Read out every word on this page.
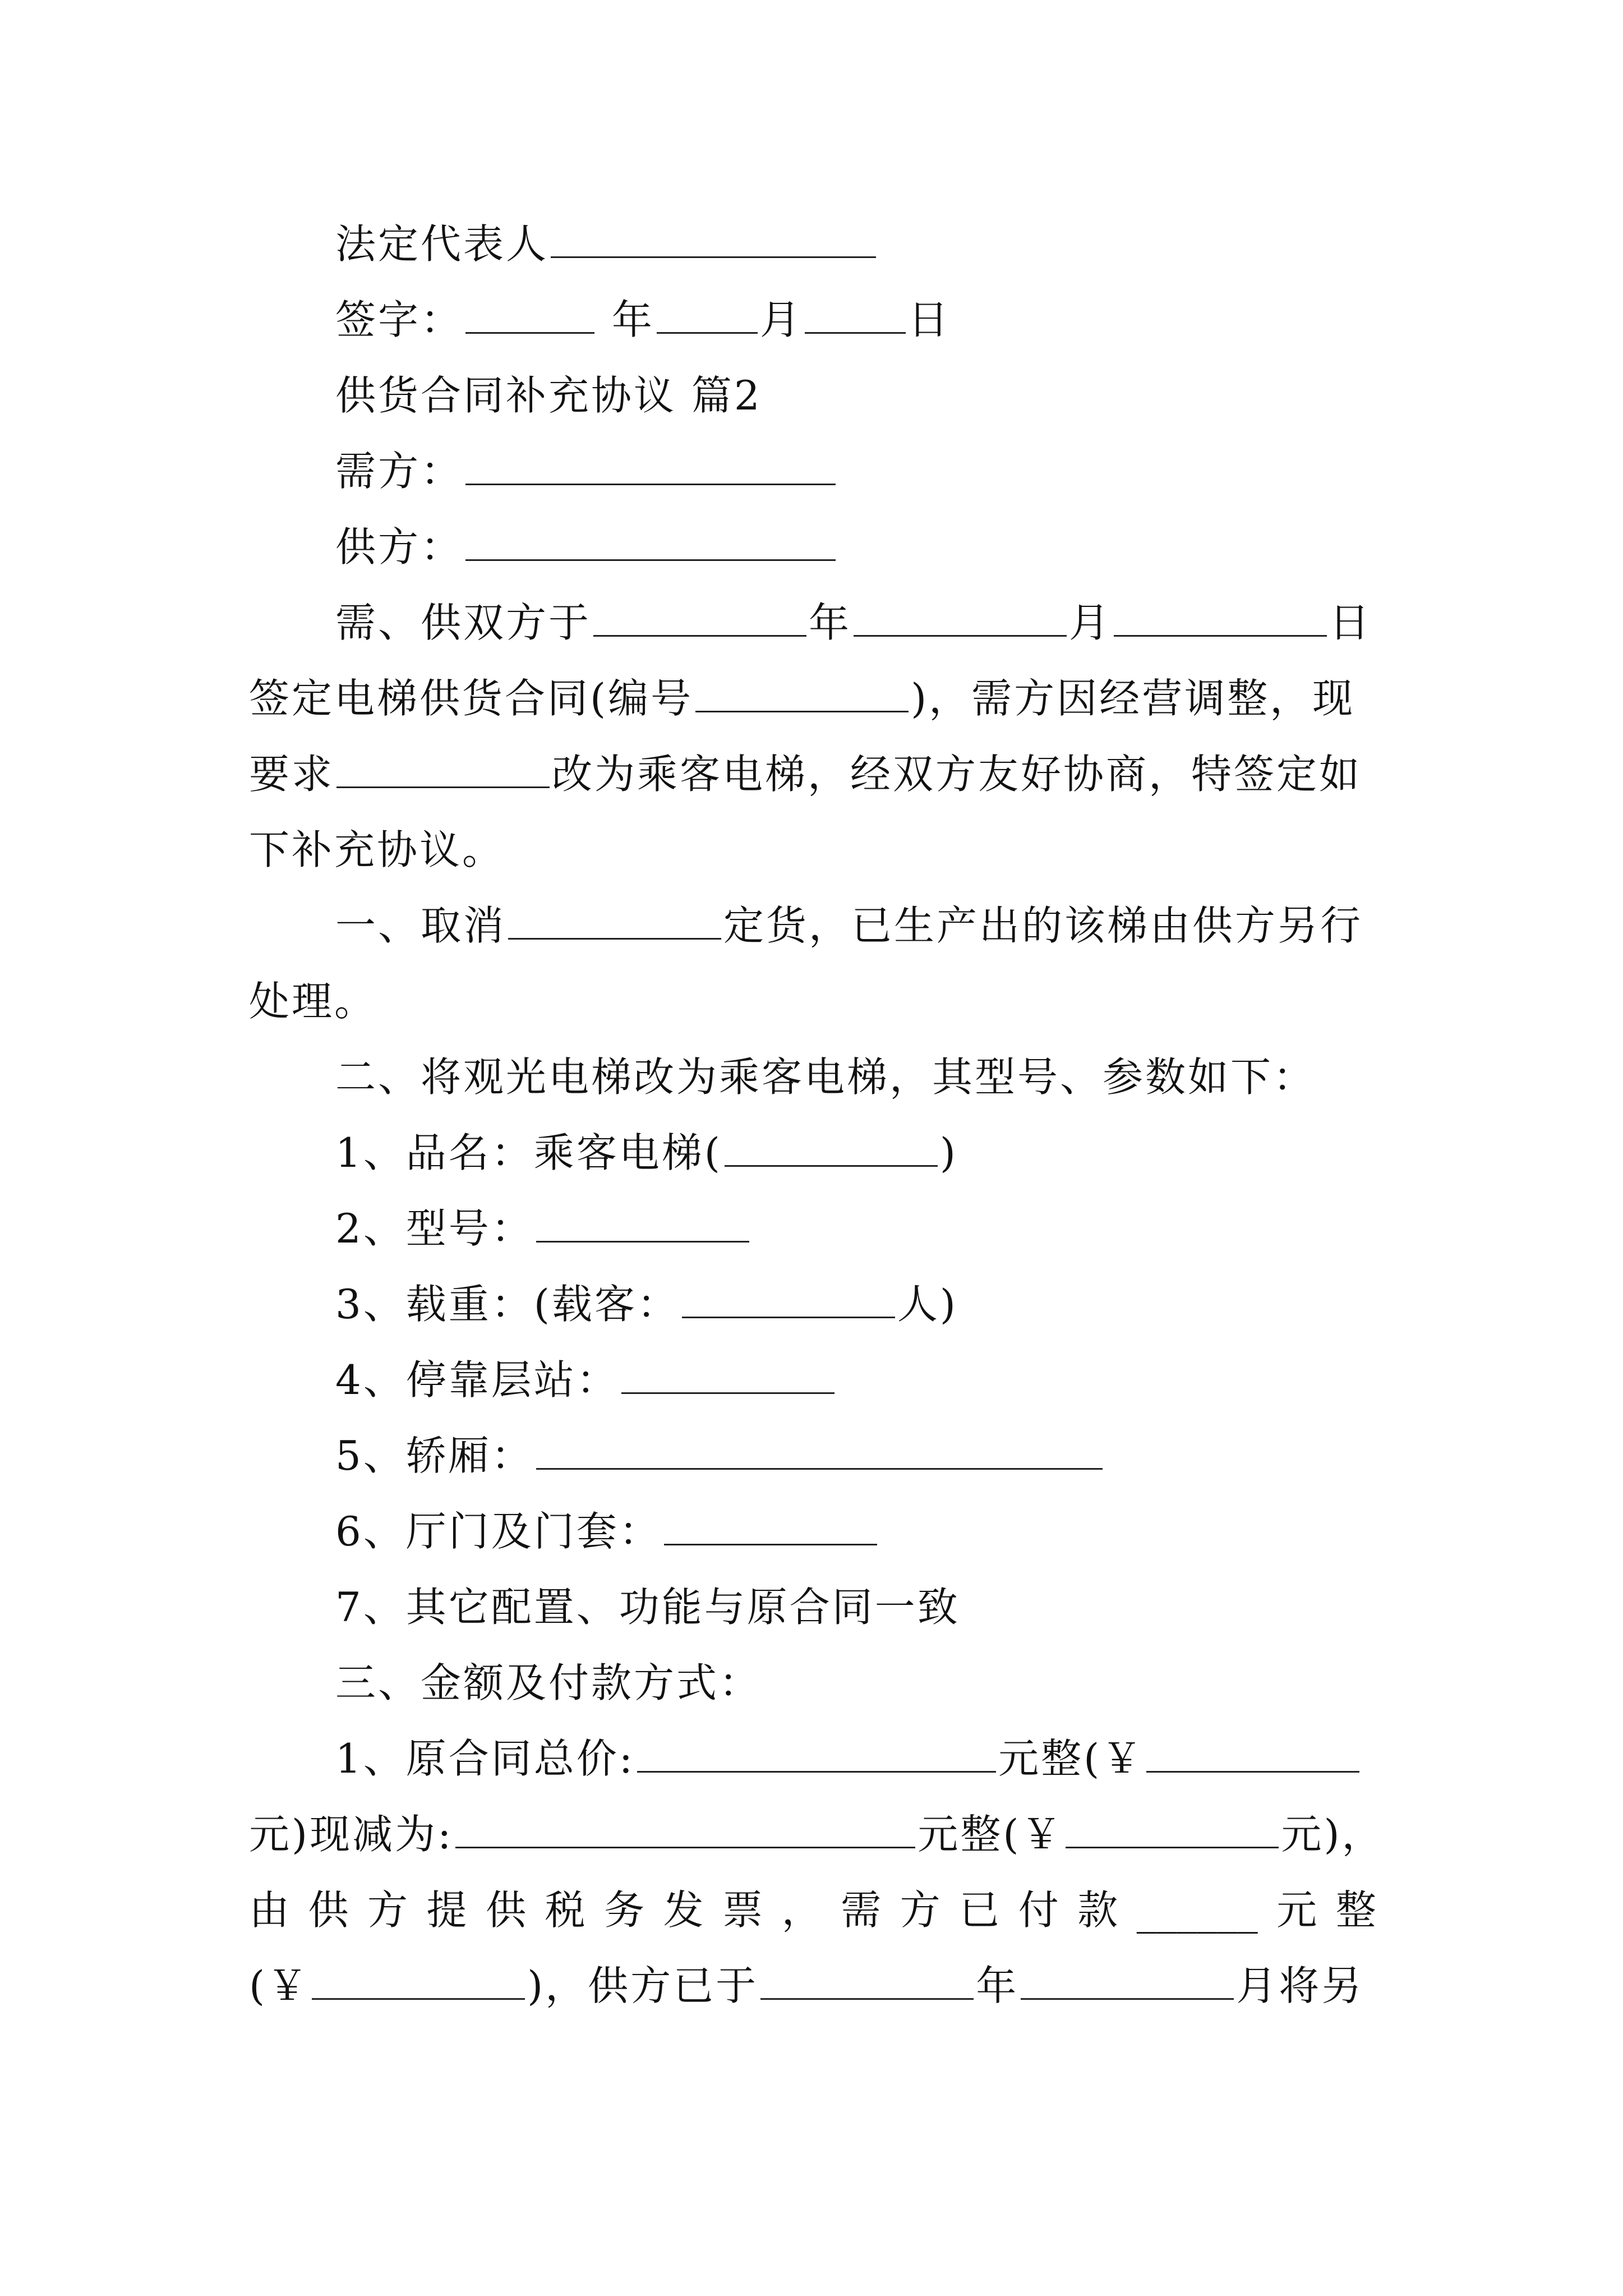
法定代表人
签字：	年	月	日
供货合同补充协议 篇2
需方：
供方：
需、供双方于	年	月	日
签定电梯供货合同(编号	)，需方因经营调整，现
要求	改为乘客电梯，经双方友好协商，特签定如
下补充协议。
一、取消	定货，已生产出的该梯由供方另行
处理。
二、将观光电梯改为乘客电梯，其型号、参数如下：
1、品名：乘客电梯(	)
2、型号：
3、载重：(载客：	人)
4、停靠层站：
5、轿厢：
6、厅门及门套：
7、其它配置、功能与原合同一致
三、金额及付款方式：
1、原合同总价:	元整(￥
元)现减为:	元整(￥	元)，
由 供 方 提 供 税 务 发 票 ， 需 方 已 付 款 ______ 元 整
(￥	)，供方已于	年	月将另
